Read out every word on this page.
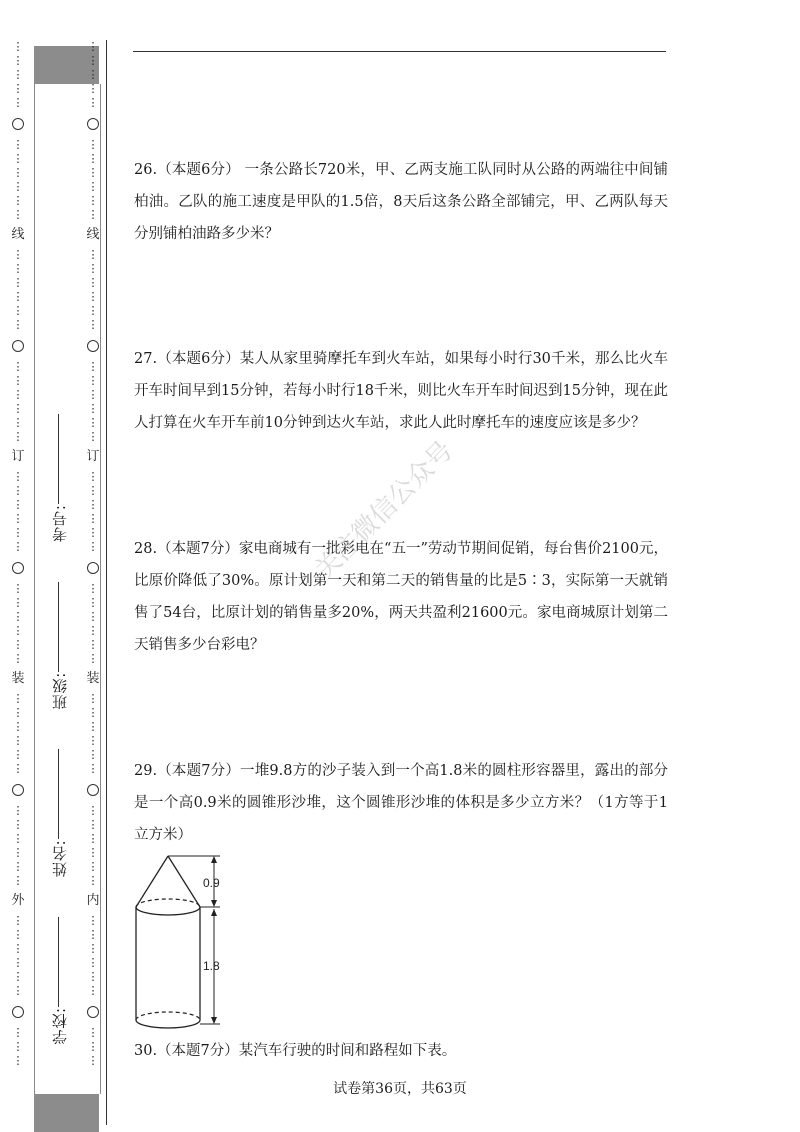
⋮
⋮
⋮
⋮
⋮
⋮
⋮
⋮
⋮
⋮
⋮
线
⋮
⋮
⋮
⋮
⋮
⋮
⋮
⋮
⋮
⋮
⋮
⋮
订
⋮
⋮
⋮
⋮
⋮
⋮
⋮
⋮
⋮
⋮
⋮
⋮
装
⋮
⋮
⋮
⋮
⋮
⋮
⋮
⋮
⋮
⋮
⋮
⋮
外
⋮
⋮
⋮
⋮
⋮
⋮
⋮
⋮
⋮
学校:  姓名:  班级:  考号:
⋮
⋮
⋮
⋮
⋮
⋮
⋮
⋮
⋮
⋮
⋮
线
⋮
⋮
⋮
⋮
⋮
⋮
⋮
⋮
⋮
⋮
⋮
⋮
订
⋮
⋮
⋮
⋮
⋮
⋮
⋮
⋮
⋮
⋮
⋮
⋮
装
⋮
⋮
⋮
⋮
⋮
⋮
⋮
⋮
⋮
⋮
⋮
⋮
内
⋮
⋮
⋮
⋮
⋮
⋮
⋮
⋮
⋮
26.（本题6分） 一条公路长720米，甲、乙两支施工队同时从公路的两端往中间铺柏油。乙队的施工速度是甲队的1.5倍，8天后这条公路全部铺完，甲、乙两队每天分别铺柏油路多少米？
27.（本题6分）某人从家里骑摩托车到火车站，如果每小时行30千米，那么比火车开车时间早到15分钟，若每小时行18千米，则比火车开车时间迟到15分钟，现在此人打算在火车开车前10分钟到达火车站，求此人此时摩托车的速度应该是多少？
28.（本题7分）家电商城有一批彩电在“五一”劳动节期间促销，每台售价2100元，比原价降低了30%。原计划第一天和第二天的销售量的比是5∶3，实际第一天就销售了54台，比原计划的销售量多20%，两天共盈利21600元。家电商城原计划第二天销售多少台彩电？
29.（本题7分）一堆9.8方的沙子装入到一个高1.8米的圆柱形容器里，露出的部分是一个高0.9米的圆锥形沙堆，这个圆锥形沙堆的体积是多少立方米？（1方等于1立方米）
0.9
1.8
30.（本题7分）某汽车行驶的时间和路程如下表。
关注微信公众号
试卷第36页，共63页
